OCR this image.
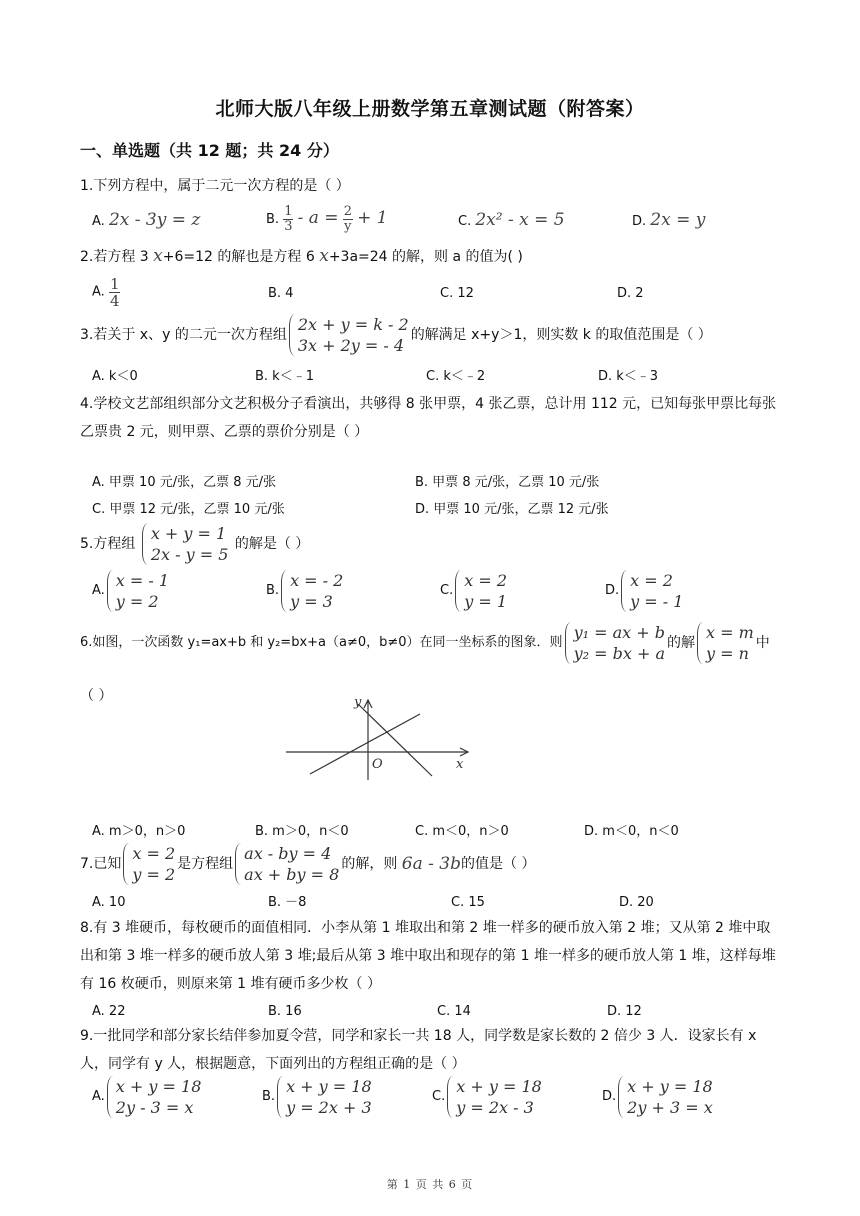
北师大版八年级上册数学第五章测试题（附答案）
一、单选题（共 12 题；共 24 分）
1.下列方程中，属于二元一次方程的是（ ）
A. 2x - 3y = z	B. $\frac{1}{3} - a = \frac{2}{y} + 1$	C. 2x² - x = 5	D. 2x = y
2.若方程 3 x+6=12 的解也是方程 6 x+3a=24 的解，则 a 的值为( )
A. $\frac{1}{4}$	B. 4	C. 12	D. 2
3.若关于 x、y 的二元一次方程组
2x + y = k - 2
3x + 2y = - 4
的解满足 x+y＞1，则实数 k 的取值范围是（ ）
A. k＜0	B. k＜﹣1	C. k＜﹣2	D. k＜﹣3
4.学校文艺部组织部分文艺积极分子看演出，共够得 8 张甲票，4 张乙票，总计用 112 元，已知每张甲票比每张乙票贵 2 元，则甲票、乙票的票价分别是（ ）
A. 甲票 10 元/张，乙票 8 元/张	B. 甲票 8 元/张，乙票 10 元/张
C. 甲票 12 元/张，乙票 10 元/张	D. 甲票 10 元/张，乙票 12 元/张
5.方程组
x + y = 1
2x - y = 5
的解是（ ）
A.
x = - 1
y = 2
B.
x = - 2
y = 3
C.
x = 2
y = 1
D.
x = 2
y = - 1
6.如图，一次函数 y₁=ax+b 和 y₂=bx+a（a≠0，b≠0）在同一坐标系的图象．则
y₁ = ax + b
y₂ = bx + a
的解
x = m
y = n
中
（ ）	y
x
O
A. m＞0，n＞0	B. m＞0，n＜0	C. m＜0，n＞0	D. m＜0，n＜0
7.已知
x = 2
y = 2
是方程组
ax - by = 4
ax + by = 8
的解，则 6a - 3b的值是（ ）
A. 10	B. －8	C. 15	D. 20
8.有 3 堆硬币，每枚硬币的面值相同．小李从第 1 堆取出和第 2 堆一样多的硬币放入第 2 堆；又从第 2 堆中取出和第 3 堆一样多的硬币放人第 3 堆;最后从第 3 堆中取出和现存的第 1 堆一样多的硬币放人第 1 堆，这样每堆有 16 枚硬币，则原来第 1 堆有硬币多少枚（ ）
A. 22	B. 16	C. 14	D. 12
9.一批同学和部分家长结伴参加夏令营，同学和家长一共 18 人，同学数是家长数的 2 倍少 3 人．设家长有 x 人，同学有 y 人，根据题意，下面列出的方程组正确的是（ ）
A.
x + y = 18
2y - 3 = x
B.
x + y = 18
y = 2x + 3
C.
x + y = 18
y = 2x - 3
D.
x + y = 18
2y + 3 = x
第 1 页 共 6 页
